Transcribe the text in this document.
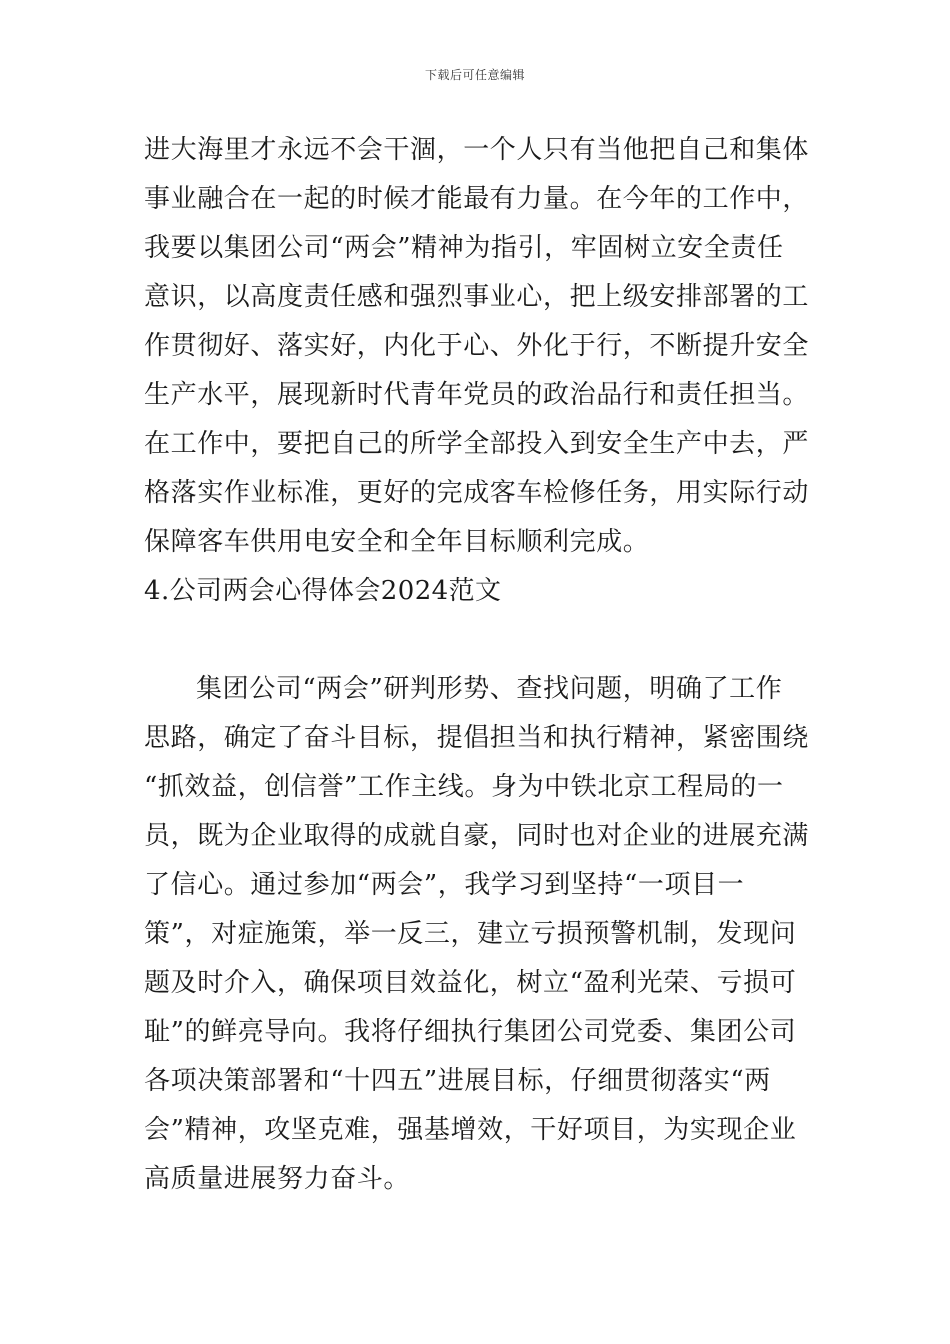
下载后可任意编辑
进大海里才永远不会干涸，一个人只有当他把自己和集体
事业融合在一起的时候才能最有力量。在今年的工作中，
我要以集团公司“两会”精神为指引，牢固树立安全责任
意识，以高度责任感和强烈事业心，把上级安排部署的工
作贯彻好、落实好，内化于心、外化于行，不断提升安全
生产水平，展现新时代青年党员的政治品行和责任担当。
在工作中，要把自己的所学全部投入到安全生产中去，严
格落实作业标准，更好的完成客车检修任务，用实际行动
保障客车供用电安全和全年目标顺利完成。
4.公司两会心得体会2024范文
集团公司“两会”研判形势、查找问题，明确了工作
思路，确定了奋斗目标，提倡担当和执行精神，紧密围绕
“抓效益，创信誉”工作主线。身为中铁北京工程局的一
员，既为企业取得的成就自豪，同时也对企业的进展充满
了信心。通过参加“两会”，我学习到坚持“一项目一
策”，对症施策，举一反三，建立亏损预警机制，发现问
题及时介入，确保项目效益化，树立“盈利光荣、亏损可
耻”的鲜亮导向。我将仔细执行集团公司党委、集团公司
各项决策部署和“十四五”进展目标，仔细贯彻落实“两
会”精神，攻坚克难，强基增效，干好项目，为实现企业
高质量进展努力奋斗。
